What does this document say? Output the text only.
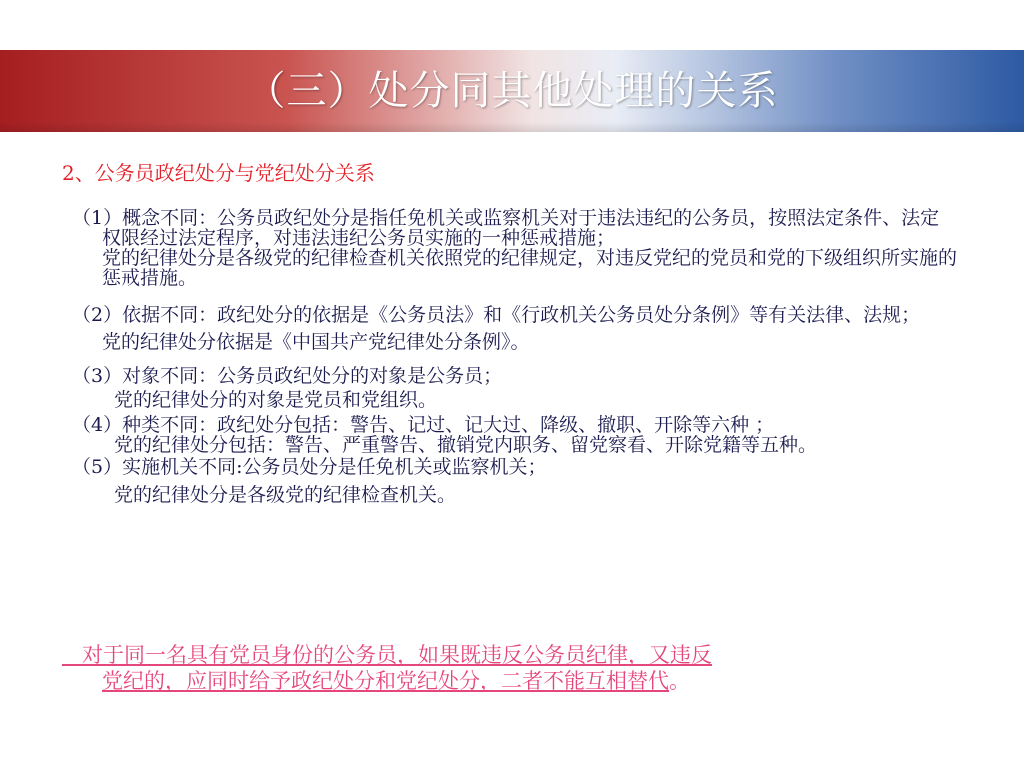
（三）处分同其他处理的关系
2、公务员政纪处分与党纪处分关系

（1）概念不同：公务员政纪处分是指任免机关或监察机关对于违法违纪的公务员，按照法定条件、法定权限经过法定程序，对违法违纪公务员实施的一种惩戒措施；

党的纪律处分是各级党的纪律检查机关依照党的纪律规定，对违反党纪的党员和党的下级组织所实施的惩戒措施。

（2）依据不同：政纪处分的依据是《公务员法》和《行政机关公务员处分条例》等有关法律、法规；

党的纪律处分依据是《中国共产党纪律处分条例》。

（3）对象不同：公务员政纪处分的对象是公务员；

党的纪律处分的对象是党员和党组织。

（4）种类不同：政纪处分包括：警告、记过、记大过、降级、撤职、开除等六种 ；

党的纪律处分包括：警告、严重警告、撤销党内职务、留党察看、开除党籍等五种。

（5）实施机关不同:公务员处分是任免机关或监察机关；

党的纪律处分是各级党的纪律检查机关。

对于同一名具有党员身份的公务员，如果既违反公务员纪律，又违反
党纪的，应同时给予政纪处分和党纪处分，二者不能互相替代。
